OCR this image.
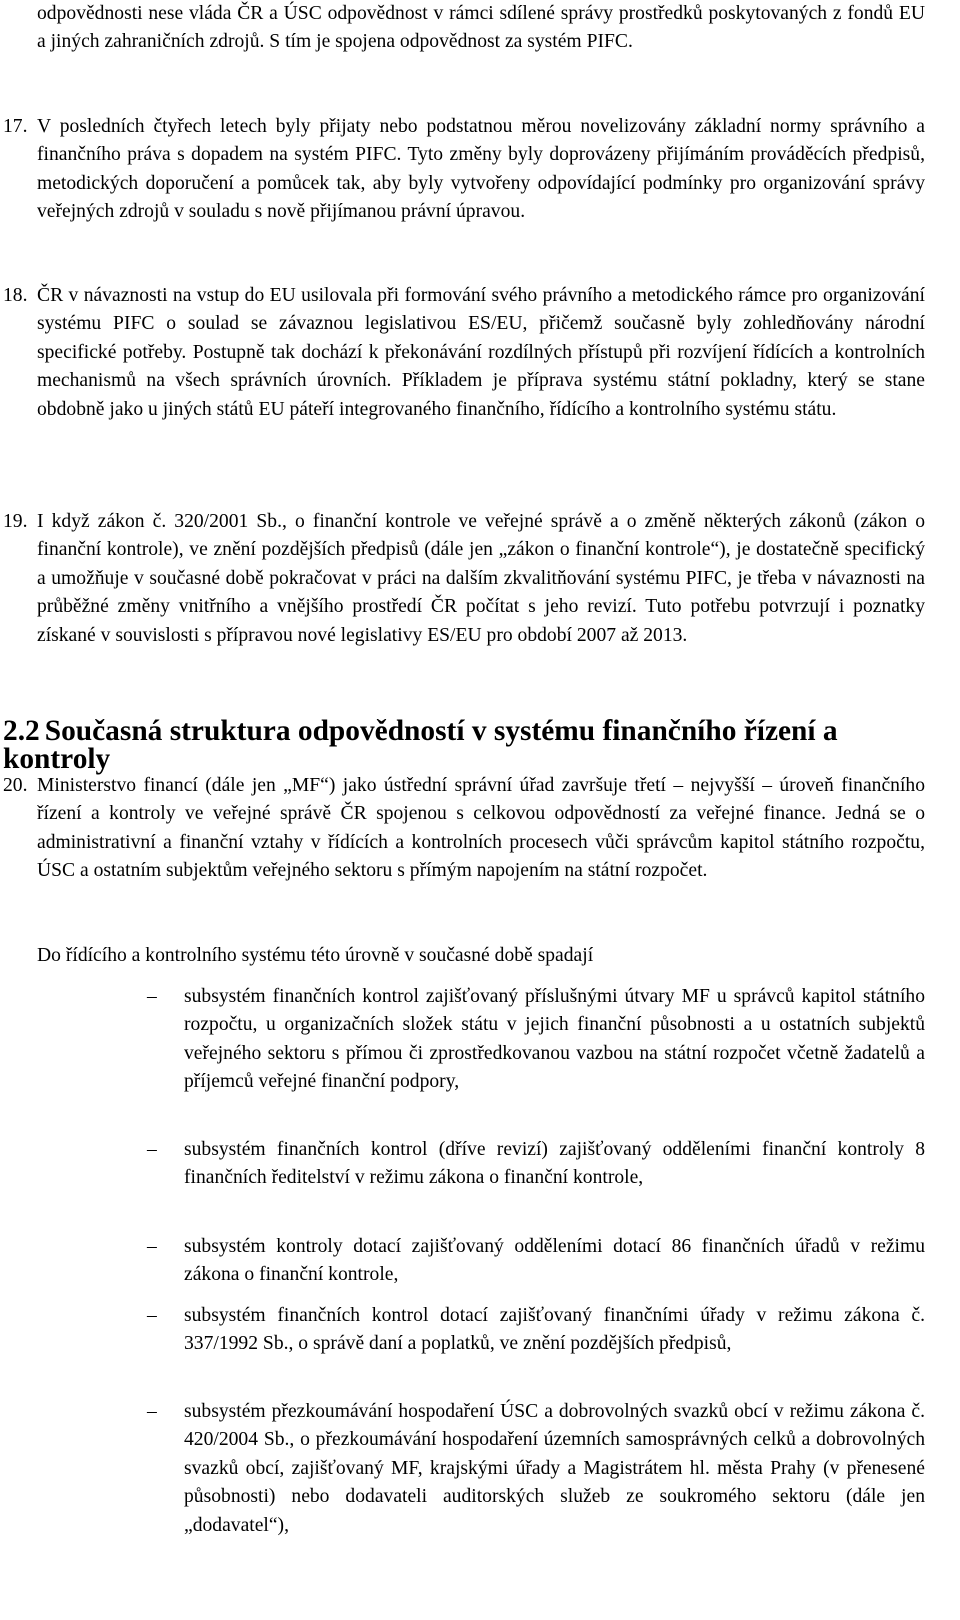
odpovědnosti nese vláda ČR a ÚSC odpovědnost v rámci sdílené správy prostředků poskytovaných z fondů EU a jiných zahraničních zdrojů. S tím je spojena odpovědnost za systém PIFC.

17. V posledních čtyřech letech byly přijaty nebo podstatnou měrou novelizovány základní normy správního a finančního práva s dopadem na systém PIFC. Tyto změny byly doprovázeny přijímáním prováděcích předpisů, metodických doporučení a pomůcek tak, aby byly vytvořeny odpovídající podmínky pro organizování správy veřejných zdrojů v souladu s nově přijímanou právní úpravou.
18. ČR v návaznosti na vstup do EU usilovala při formování svého právního a metodického rámce pro organizování systému PIFC o soulad se závaznou legislativou ES/EU, přičemž současně byly zohledňovány národní specifické potřeby. Postupně tak dochází k překonávání rozdílných přístupů při rozvíjení řídících a kontrolních mechanismů na všech správních úrovních. Příkladem je příprava systému státní pokladny, který se stane obdobně jako u jiných států EU páteří integrovaného finančního, řídícího a kontrolního systému státu.
19. I když zákon č. 320/2001 Sb., o finanční kontrole ve veřejné správě a o změně některých zákonů (zákon o finanční kontrole), ve znění pozdějších předpisů (dále jen „zákon o finanční kontrole“), je dostatečně specifický a umožňuje v současné době pokračovat v práci na dalším zkvalitňování systému PIFC, je třeba v návaznosti na průběžné změny vnitřního a vnějšího prostředí ČR počítat s jeho revizí. Tuto potřebu potvrzují i poznatky získané v souvislosti s přípravou nové legislativy ES/EU pro období 2007 až 2013.
2.2 Současná struktura odpovědností v systému finančního řízení a kontroly
20. Ministerstvo financí (dále jen „MF“) jako ústřední správní úřad završuje třetí – nejvyšší – úroveň finančního řízení a kontroly ve veřejné správě ČR spojenou s celkovou odpovědností za veřejné finance. Jedná se o administrativní a finanční vztahy v řídících a kontrolních procesech vůči správcům kapitol státního rozpočtu, ÚSC a ostatním subjektům veřejného sektoru s přímým napojením na státní rozpočet.

Do řídícího a kontrolního systému této úrovně v současné době spadají

–	subsystém finančních kontrol zajišťovaný příslušnými útvary MF u správců kapitol státního rozpočtu, u organizačních složek státu v jejich finanční působnosti a u ostatních subjektů veřejného sektoru s přímou či zprostředkovanou vazbou na státní rozpočet včetně žadatelů a příjemců veřejné finanční podpory,
–	subsystém finančních kontrol (dříve revizí) zajišťovaný odděleními finanční kontroly 8 finančních ředitelství v režimu zákona o finanční kontrole,
–	subsystém kontroly dotací zajišťovaný odděleními dotací 86 finančních úřadů v režimu zákona o finanční kontrole,
–	subsystém finančních kontrol dotací zajišťovaný finančními úřady v režimu zákona č. 337/1992 Sb., o správě daní a poplatků, ve znění pozdějších předpisů,
–	subsystém přezkoumávání hospodaření ÚSC a dobrovolných svazků obcí v režimu zákona č. 420/2004 Sb., o přezkoumávání hospodaření územních samosprávných celků a dobrovolných svazků obcí, zajišťovaný MF, krajskými úřady a Magistrátem hl. města Prahy (v přenesené působnosti) nebo dodavateli auditorských služeb ze soukromého sektoru (dále jen „dodavatel“),
